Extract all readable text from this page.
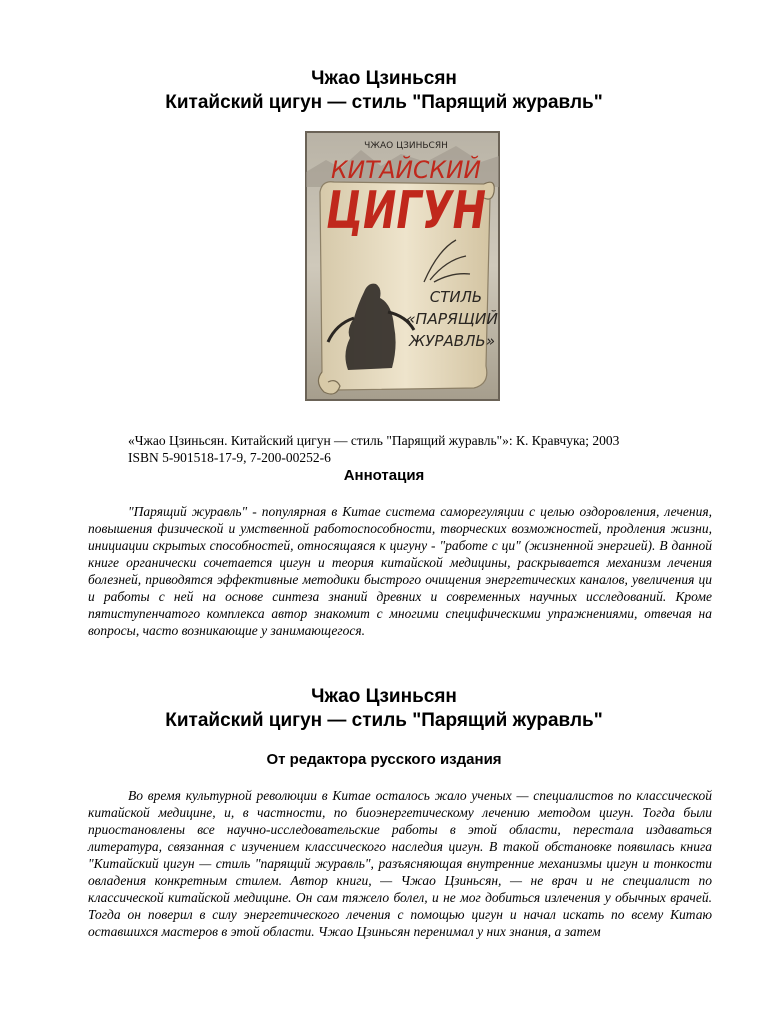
Чжао Цзиньсян
Китайский цигун — стиль "Парящий журавль"
ЧЖАО ЦЗИНЬСЯН
КИТАЙСКИЙ
ЦИГУН
СТИЛЬ
«ПАРЯЩИЙ
ЖУРАВЛЬ»
«Чжао Цзиньсян. Китайский цигун — стиль "Парящий журавль"»: К. Кравчука; 2003
ISBN 5-901518-17-9, 7-200-00252-6
Аннотация

"Парящий журавль" - популярная в Китае система саморегуляции с целью оздоровления, лечения, повышения физической и умственной работоспособности, творческих возможностей, продления жизни, инициации скрытых способностей, относящаяся к цигуну - "работе с ци" (жизненной энергией). В данной книге органически сочетается цигун и теория китайской медицины, раскрывается механизм лечения болезней, приводятся эффективные методики быстрого очищения энергетических каналов, увеличения ци и работы с ней на основе синтеза знаний древних и современных научных исследований. Кроме пятиступенчатого комплекса автор знакомит с многими специфическими упражнениями, отвечая на вопросы, часто возникающие у занимающегося.

Чжао Цзиньсян
Китайский цигун — стиль "Парящий журавль"
От редактора русского издания

Во время культурной революции в Китае осталось жало ученых — специалистов по классической китайской медицине, и, в частности, по биоэнергетическому лечению методом цигун. Тогда были приостановлены все научно-исследовательские работы в этой области, перестала издаваться литература, связанная с изучением классического наследия цигун. В такой обстановке появилась книга "Китайский цигун — стиль "парящий журавль", разъясняющая внутренние механизмы цигун и тонкости овладения конкретным стилем. Автор книги, — Чжао Цзиньсян, — не врач и не специалист по классической китайской медицине. Он сам тяжело болел, и не мог добиться излечения у обычных врачей. Тогда он поверил в силу энергетического лечения с помощью цигун и начал искать по всему Китаю оставшихся мастеров в этой области. Чжао Цзиньсян перенимал у них знания, а затем
